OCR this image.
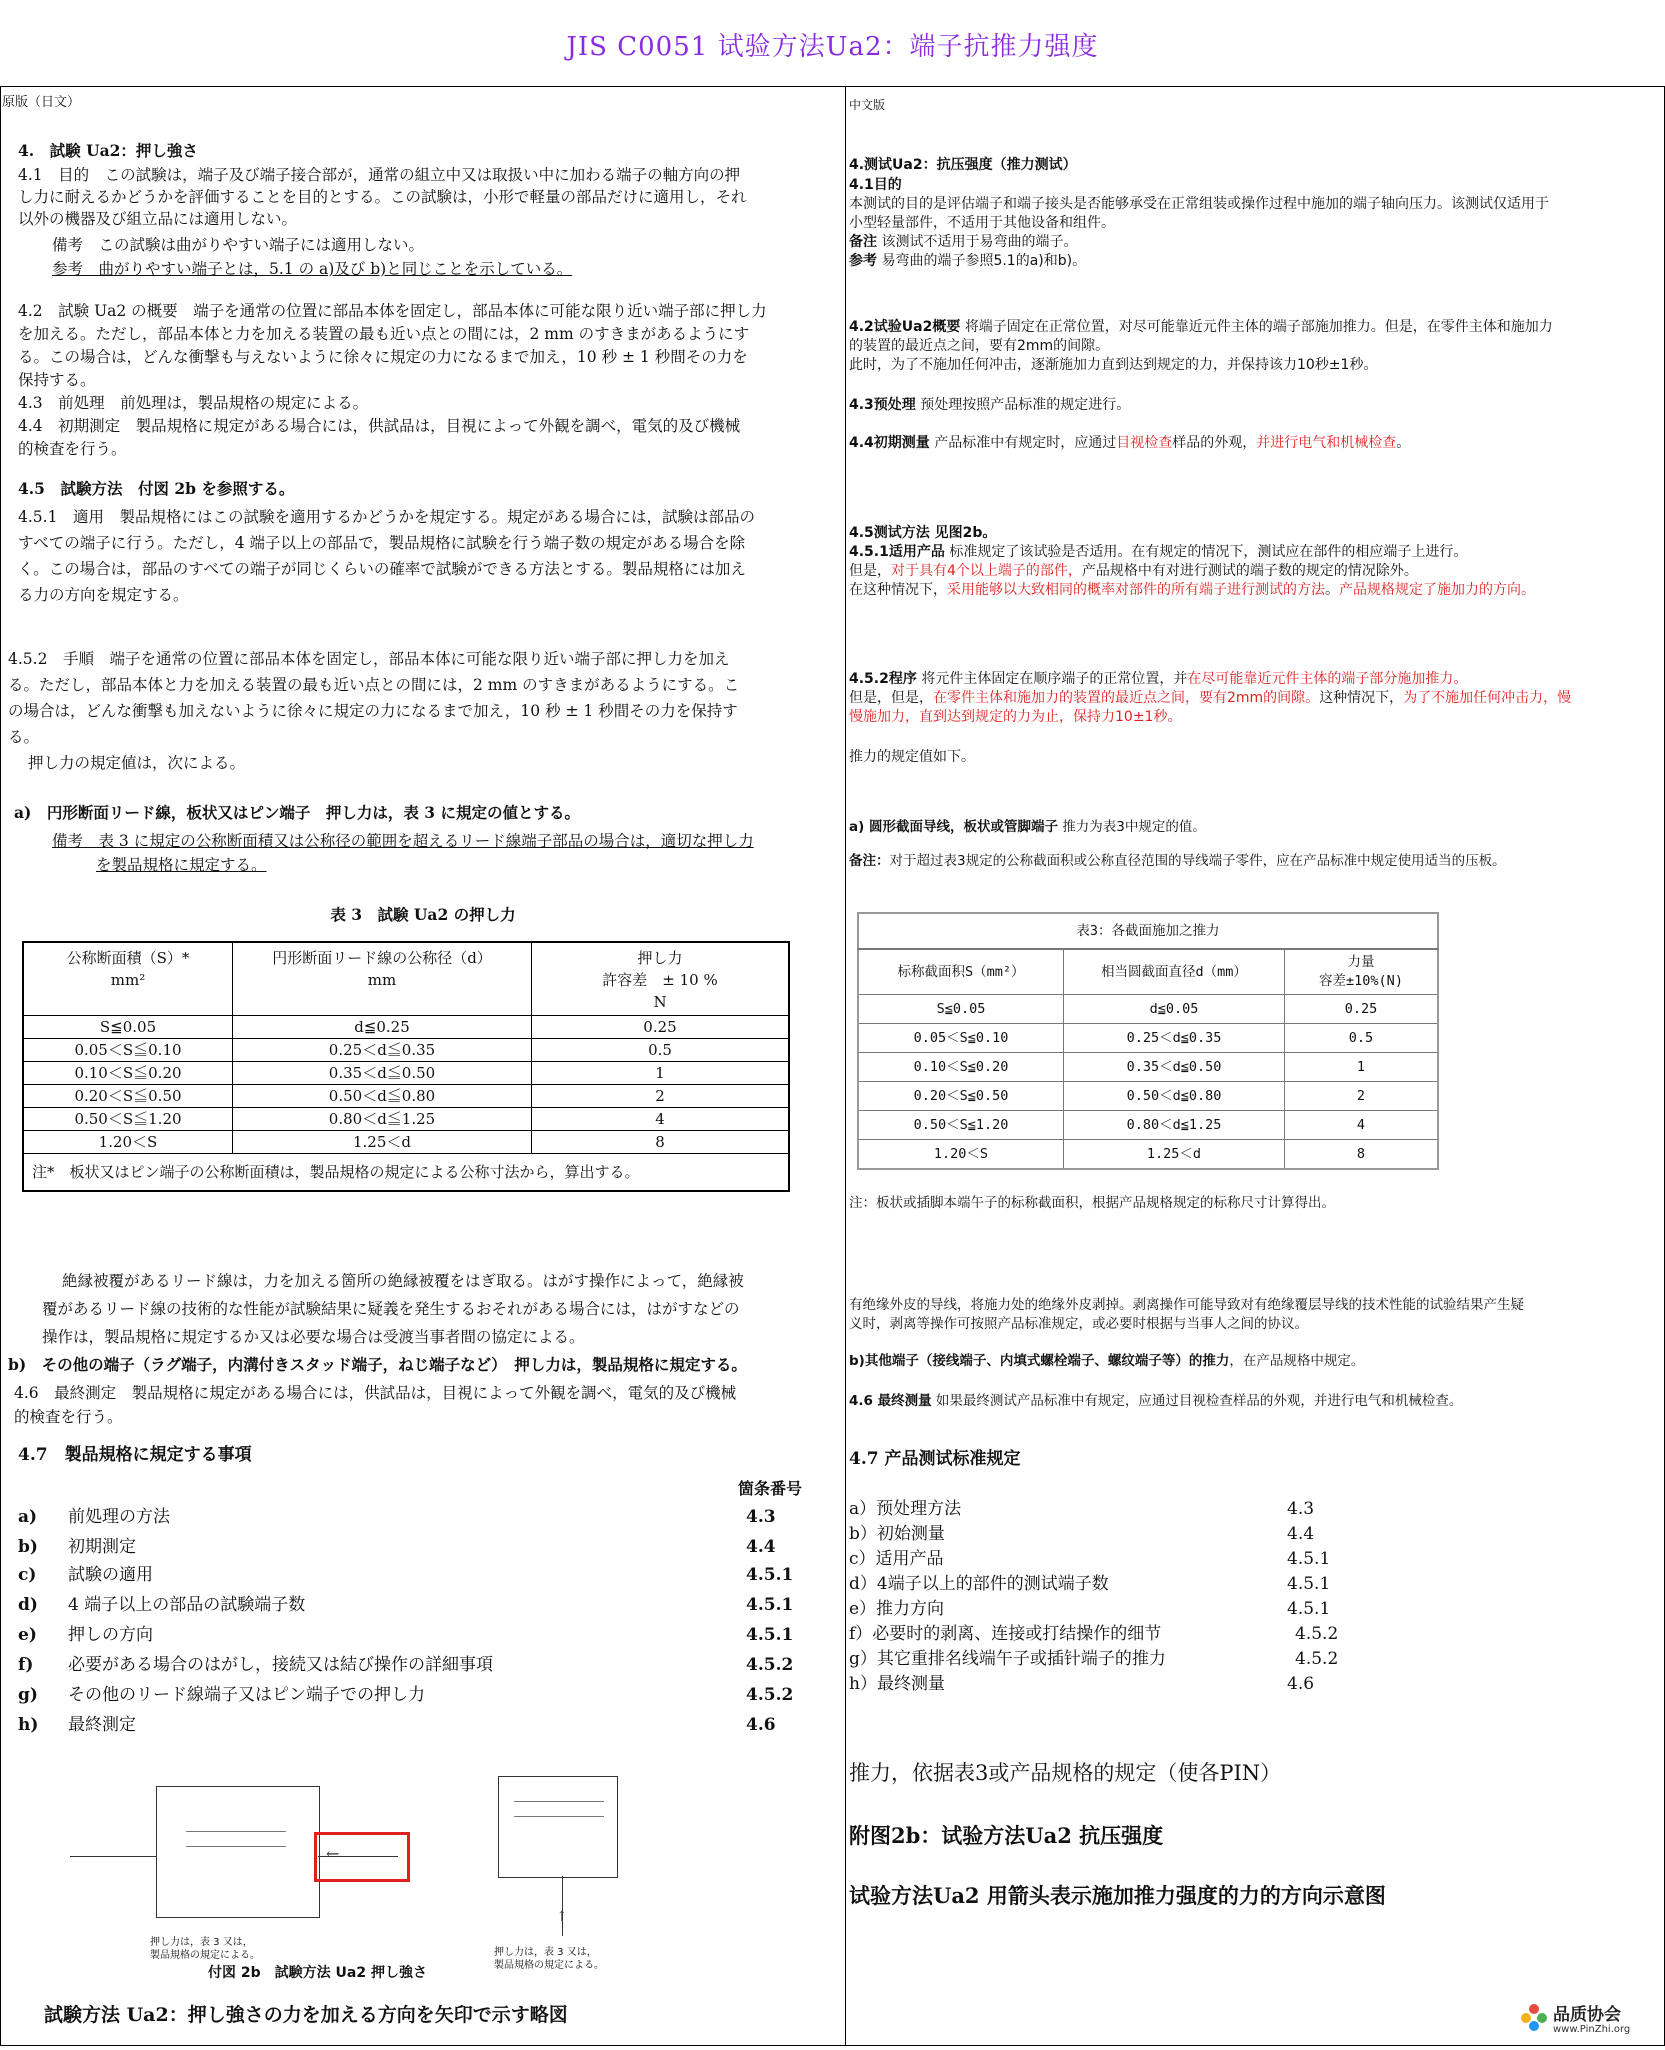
JIS C0051 试验方法Ua2：端子抗推力强度
原版（日文）
4.　試験 Ua2：押し強さ

4.1　目的　この試験は，端子及び端子接合部が，通常の組立中又は取扱い中に加わる端子の軸方向の押

し力に耐えるかどうかを評価することを目的とする。この試験は，小形で軽量の部品だけに適用し，それ

以外の機器及び組立品には適用しない。

備考　この試験は曲がりやすい端子には適用しない。

参考　曲がりやすい端子とは，5.1 の a)及び b)と同じことを示している。

4.2　試験 Ua2 の概要　端子を通常の位置に部品本体を固定し，部品本体に可能な限り近い端子部に押し力

を加える。ただし，部品本体と力を加える装置の最も近い点との間には，2 mm のすきまがあるようにす

る。この場合は，どんな衝撃も与えないように徐々に規定の力になるまで加え，10 秒 ± 1 秒間その力を

保持する。

4.3　前処理　前処理は，製品規格の規定による。

4.4　初期測定　製品規格に規定がある場合には，供試品は，目視によって外観を調べ，電気的及び機械

的検査を行う。

4.5　試験方法　付図 2b を参照する。

4.5.1　適用　製品規格にはこの試験を適用するかどうかを規定する。規定がある場合には，試験は部品の

すべての端子に行う。ただし，4 端子以上の部品で，製品規格に試験を行う端子数の規定がある場合を除

く。この場合は，部品のすべての端子が同じくらいの確率で試験ができる方法とする。製品規格には加え

る力の方向を規定する。

4.5.2　手順　端子を通常の位置に部品本体を固定し，部品本体に可能な限り近い端子部に押し力を加え

る。ただし，部品本体と力を加える装置の最も近い点との間には，2 mm のすきまがあるようにする。こ

の場合は，どんな衝撃も加えないように徐々に規定の力になるまで加え，10 秒 ± 1 秒間その力を保持す

る。

押し力の規定値は，次による。

a)　円形断面リード線，板状又はピン端子　押し力は，表 3 に規定の値とする。

備考　表 3 に規定の公称断面積又は公称径の範囲を超えるリード線端子部品の場合は，適切な押し力

を製品規格に規定する。

表 3　試験 Ua2 の押し力
公称断面積（S）*
mm²	円形断面リード線の公称径（d）
mm	押し力
許容差　± 10 %
N
S≦0.05	d≦0.25	0.25
0.05＜S≦0.10	0.25＜d≦0.35	0.5
0.10＜S≦0.20	0.35＜d≦0.50	1
0.20＜S≦0.50	0.50＜d≦0.80	2
0.50＜S≦1.20	0.80＜d≦1.25	4
1.20＜S	1.25＜d	8
注*　板状又はピン端子の公称断面積は，製品規格の規定による公称寸法から，算出する。		

絶縁被覆があるリード線は，力を加える箇所の絶縁被覆をはぎ取る。はがす操作によって，絶縁被

覆があるリード線の技術的な性能が試験結果に疑義を発生するおそれがある場合には，はがすなどの

操作は，製品規格に規定するか又は必要な場合は受渡当事者間の協定による。

b)　その他の端子（ラグ端子，内溝付きスタッド端子，ねじ端子など）　押し力は，製品規格に規定する。

4.6　最終測定　製品規格に規定がある場合には，供試品は，目視によって外観を調べ，電気的及び機械

的検査を行う。

4.7　製品規格に規定する事項

箇条番号

a) 前処理の方法	4.3
b) 初期測定	4.4
c) 試験の適用	4.5.1
d) 4 端子以上の部品の試験端子数	4.5.1
e) 押しの方向	4.5.1
f) 必要がある場合のはがし，接続又は結び操作の詳細事項	4.5.2
g) その他のリード線端子又はピン端子での押し力	4.5.2
h) 最終測定	4.6
←
押し力は，表 3 又は，
製品規格の規定による。
↑
押し力は，表 3 又は，
製品規格の規定による。

付図 2b　試験方法 Ua2 押し強さ

試験方法 Ua2：押し強さの力を加える方向を矢印で示す略図

中文版

4.测试Ua2：抗压强度（推力测试）

4.1目的

本测试的目的是评估端子和端子接头是否能够承受在正常组装或操作过程中施加的端子轴向压力。该测试仅适用于

小型轻量部件，不适用于其他设备和组件。

备注 该测试不适用于易弯曲的端子。

参考 易弯曲的端子参照5.1的a)和b)。

4.2试验Ua2概要 将端子固定在正常位置，对尽可能靠近元件主体的端子部施加推力。但是，在零件主体和施加力

的装置的最近点之间，要有2mm的间隙。

此时，为了不施加任何冲击，逐渐施加力直到达到规定的力，并保持该力10秒±1秒。

4.3预处理 预处理按照产品标准的规定进行。

4.4初期测量 产品标准中有规定时，应通过目视检查样品的外观，并进行电气和机械检查。

4.5测试方法 见图2b。

4.5.1适用产品 标准规定了该试验是否适用。在有规定的情况下，测试应在部件的相应端子上进行。

但是，对于具有4个以上端子的部件，产品规格中有对进行测试的端子数的规定的情况除外。

在这种情况下，采用能够以大致相同的概率对部件的所有端子进行测试的方法。产品规格规定了施加力的方向。

4.5.2程序 将元件主体固定在顺序端子的正常位置，并在尽可能靠近元件主体的端子部分施加推力。

但是，但是，在零件主体和施加力的装置的最近点之间，要有2mm的间隙。这种情况下，为了不施加任何冲击力，慢

慢施加力，直到达到规定的力为止，保持力10±1秒。

推力的规定值如下。

a) 圆形截面导线，板状或管脚端子 推力为表3中规定的值。

备注：对于超过表3规定的公称截面积或公称直径范围的导线端子零件，应在产品标准中规定使用适当的压板。

表3：各截面施加之推力		
标称截面积S（mm²）	相当圆截面直径d（mm）	力量
容差±10%(N)
S≦0.05	d≦0.05	0.25
0.05＜S≦0.10	0.25＜d≦0.35	0.5
0.10＜S≦0.20	0.35＜d≦0.50	1
0.20＜S≦0.50	0.50＜d≦0.80	2
0.50＜S≦1.20	0.80＜d≦1.25	4
1.20＜S	1.25＜d	8

注：板状或插脚本端午子的标称截面积，根据产品规格规定的标称尺寸计算得出。

有绝缘外皮的导线，将施力处的绝缘外皮剥掉。剥离操作可能导致对有绝缘覆层导线的技术性能的试验结果产生疑

义时，剥离等操作可按照产品标准规定，或必要时根据与当事人之间的协议。

b)其他端子（接线端子、内填式螺栓端子、螺纹端子等）的推力，在产品规格中规定。

4.6 最终测量 如果最终测试产品标准中有规定，应通过目视检查样品的外观，并进行电气和机械检查。

4.7 产品测试标准规定

a）预处理方法	4.3
b）初始测量	4.4
c）适用产品	4.5.1
d）4端子以上的部件的测试端子数	4.5.1
e）推力方向	4.5.1
f）必要时的剥离、连接或打结操作的细节	4.5.2
g）其它重排名线端午子或插针端子的推力	4.5.2
h）最终测量	4.6

推力，依据表3或产品规格的规定（使各PIN）

附图2b：试验方法Ua2 抗压强度

试验方法Ua2 用箭头表示施加推力强度的力的方向示意图

品质协会
www.PinZhi.org
